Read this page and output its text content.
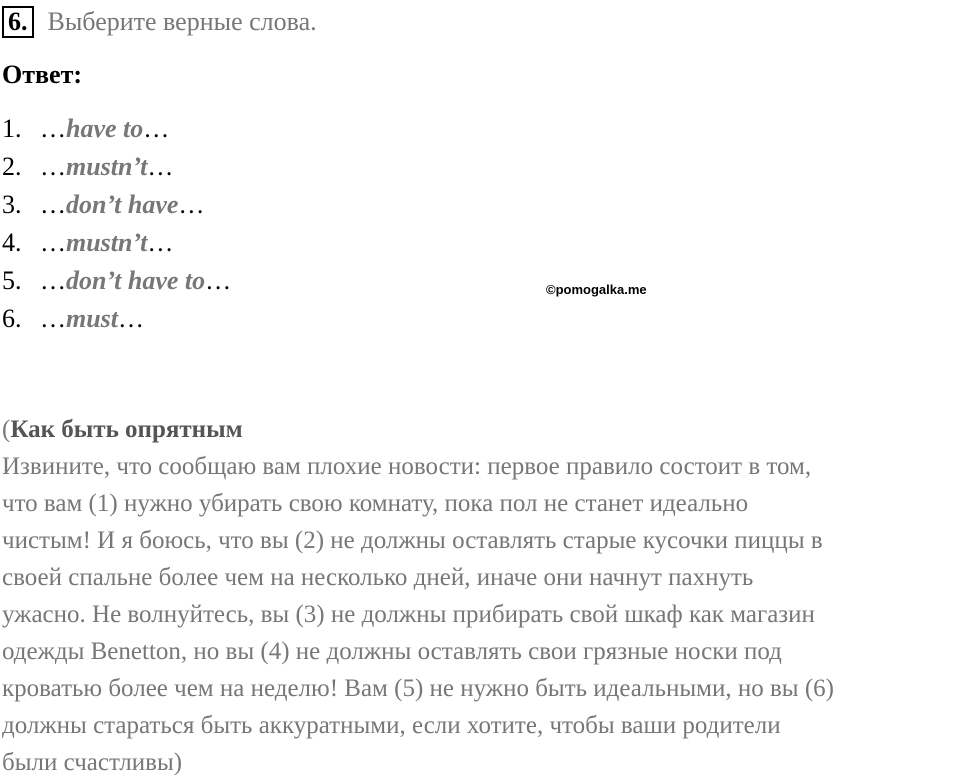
6. Выберите верные слова.
Ответ:
1. …have to…
2. …mustn’t…
3. …don’t have…
4. …mustn’t…
5. …don’t have to…
6. …must…
©pomogalka.me
(Как быть опрятным
Извините, что сообщаю вам плохие новости: первое правило состоит в том,
что вам (1) нужно убирать свою комнату, пока пол не станет идеально
чистым! И я боюсь, что вы (2) не должны оставлять старые кусочки пиццы в
своей спальне более чем на несколько дней, иначе они начнут пахнуть
ужасно. Не волнуйтесь, вы (3) не должны прибирать свой шкаф как магазин
одежды Benetton, но вы (4) не должны оставлять свои грязные носки под
кроватью более чем на неделю! Вам (5) не нужно быть идеальными, но вы (6)
должны стараться быть аккуратными, если хотите, чтобы ваши родители
были счастливы)
